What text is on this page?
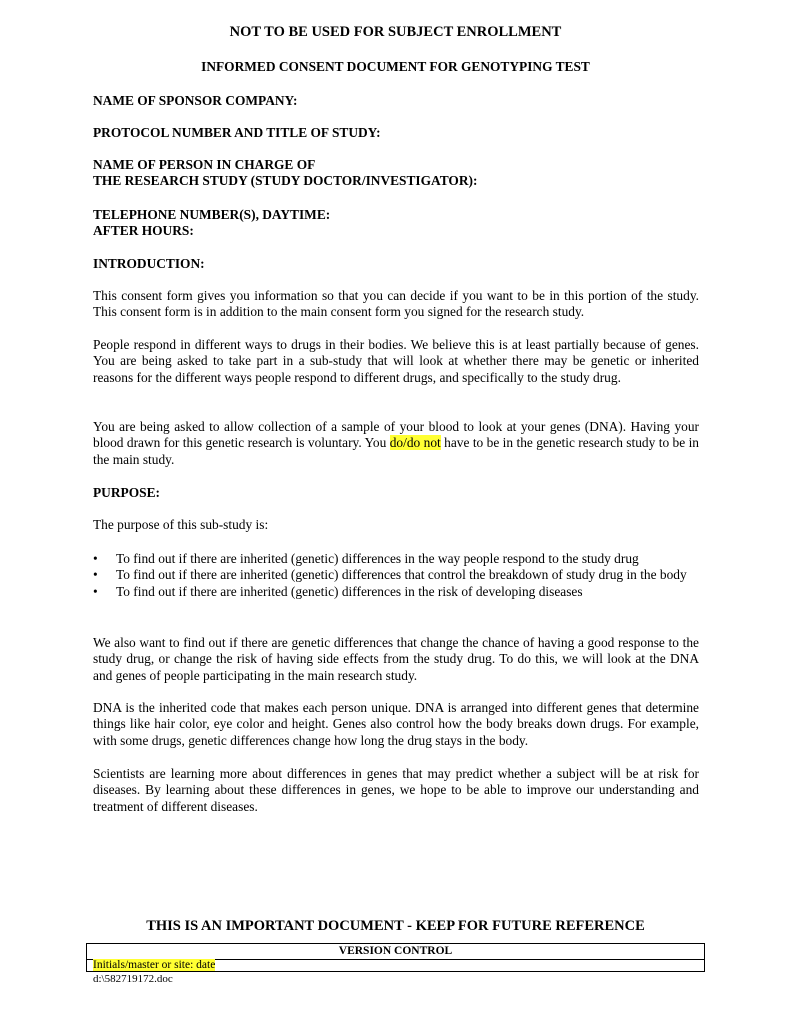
NOT TO BE USED FOR SUBJECT ENROLLMENT
INFORMED CONSENT DOCUMENT FOR GENOTYPING TEST
NAME OF SPONSOR COMPANY:
PROTOCOL NUMBER AND TITLE OF STUDY:
NAME OF PERSON IN CHARGE OF
THE RESEARCH STUDY (STUDY DOCTOR/INVESTIGATOR):
TELEPHONE NUMBER(S), DAYTIME:
AFTER HOURS:
INTRODUCTION:
This consent form gives you information so that you can decide if you want to be in this portion of the study. This consent form is in addition to the main consent form you signed for the research study.
People respond in different ways to drugs in their bodies. We believe this is at least partially because of genes. You are being asked to take part in a sub-study that will look at whether there may be genetic or inherited reasons for the different ways people respond to different drugs, and specifically to the study drug.
You are being asked to allow collection of a sample of your blood to look at your genes (DNA). Having your blood drawn for this genetic research is voluntary. You do/do not have to be in the genetic research study to be in the main study.
PURPOSE:
The purpose of this sub-study is:
• To find out if there are inherited (genetic) differences in the way people respond to the study drug
• To find out if there are inherited (genetic) differences that control the breakdown of study drug in the body
• To find out if there are inherited (genetic) differences in the risk of developing diseases
We also want to find out if there are genetic differences that change the chance of having a good response to the study drug, or change the risk of having side effects from the study drug. To do this, we will look at the DNA and genes of people participating in the main research study.
DNA is the inherited code that makes each person unique. DNA is arranged into different genes that determine things like hair color, eye color and height. Genes also control how the body breaks down drugs. For example, with some drugs, genetic differences change how long the drug stays in the body.
Scientists are learning more about differences in genes that may predict whether a subject will be at risk for diseases. By learning about these differences in genes, we hope to be able to improve our understanding and treatment of different diseases.
THIS IS AN IMPORTANT DOCUMENT - KEEP FOR FUTURE REFERENCE
VERSION CONTROL
Initials/master or site: date
d:\582719172.doc
